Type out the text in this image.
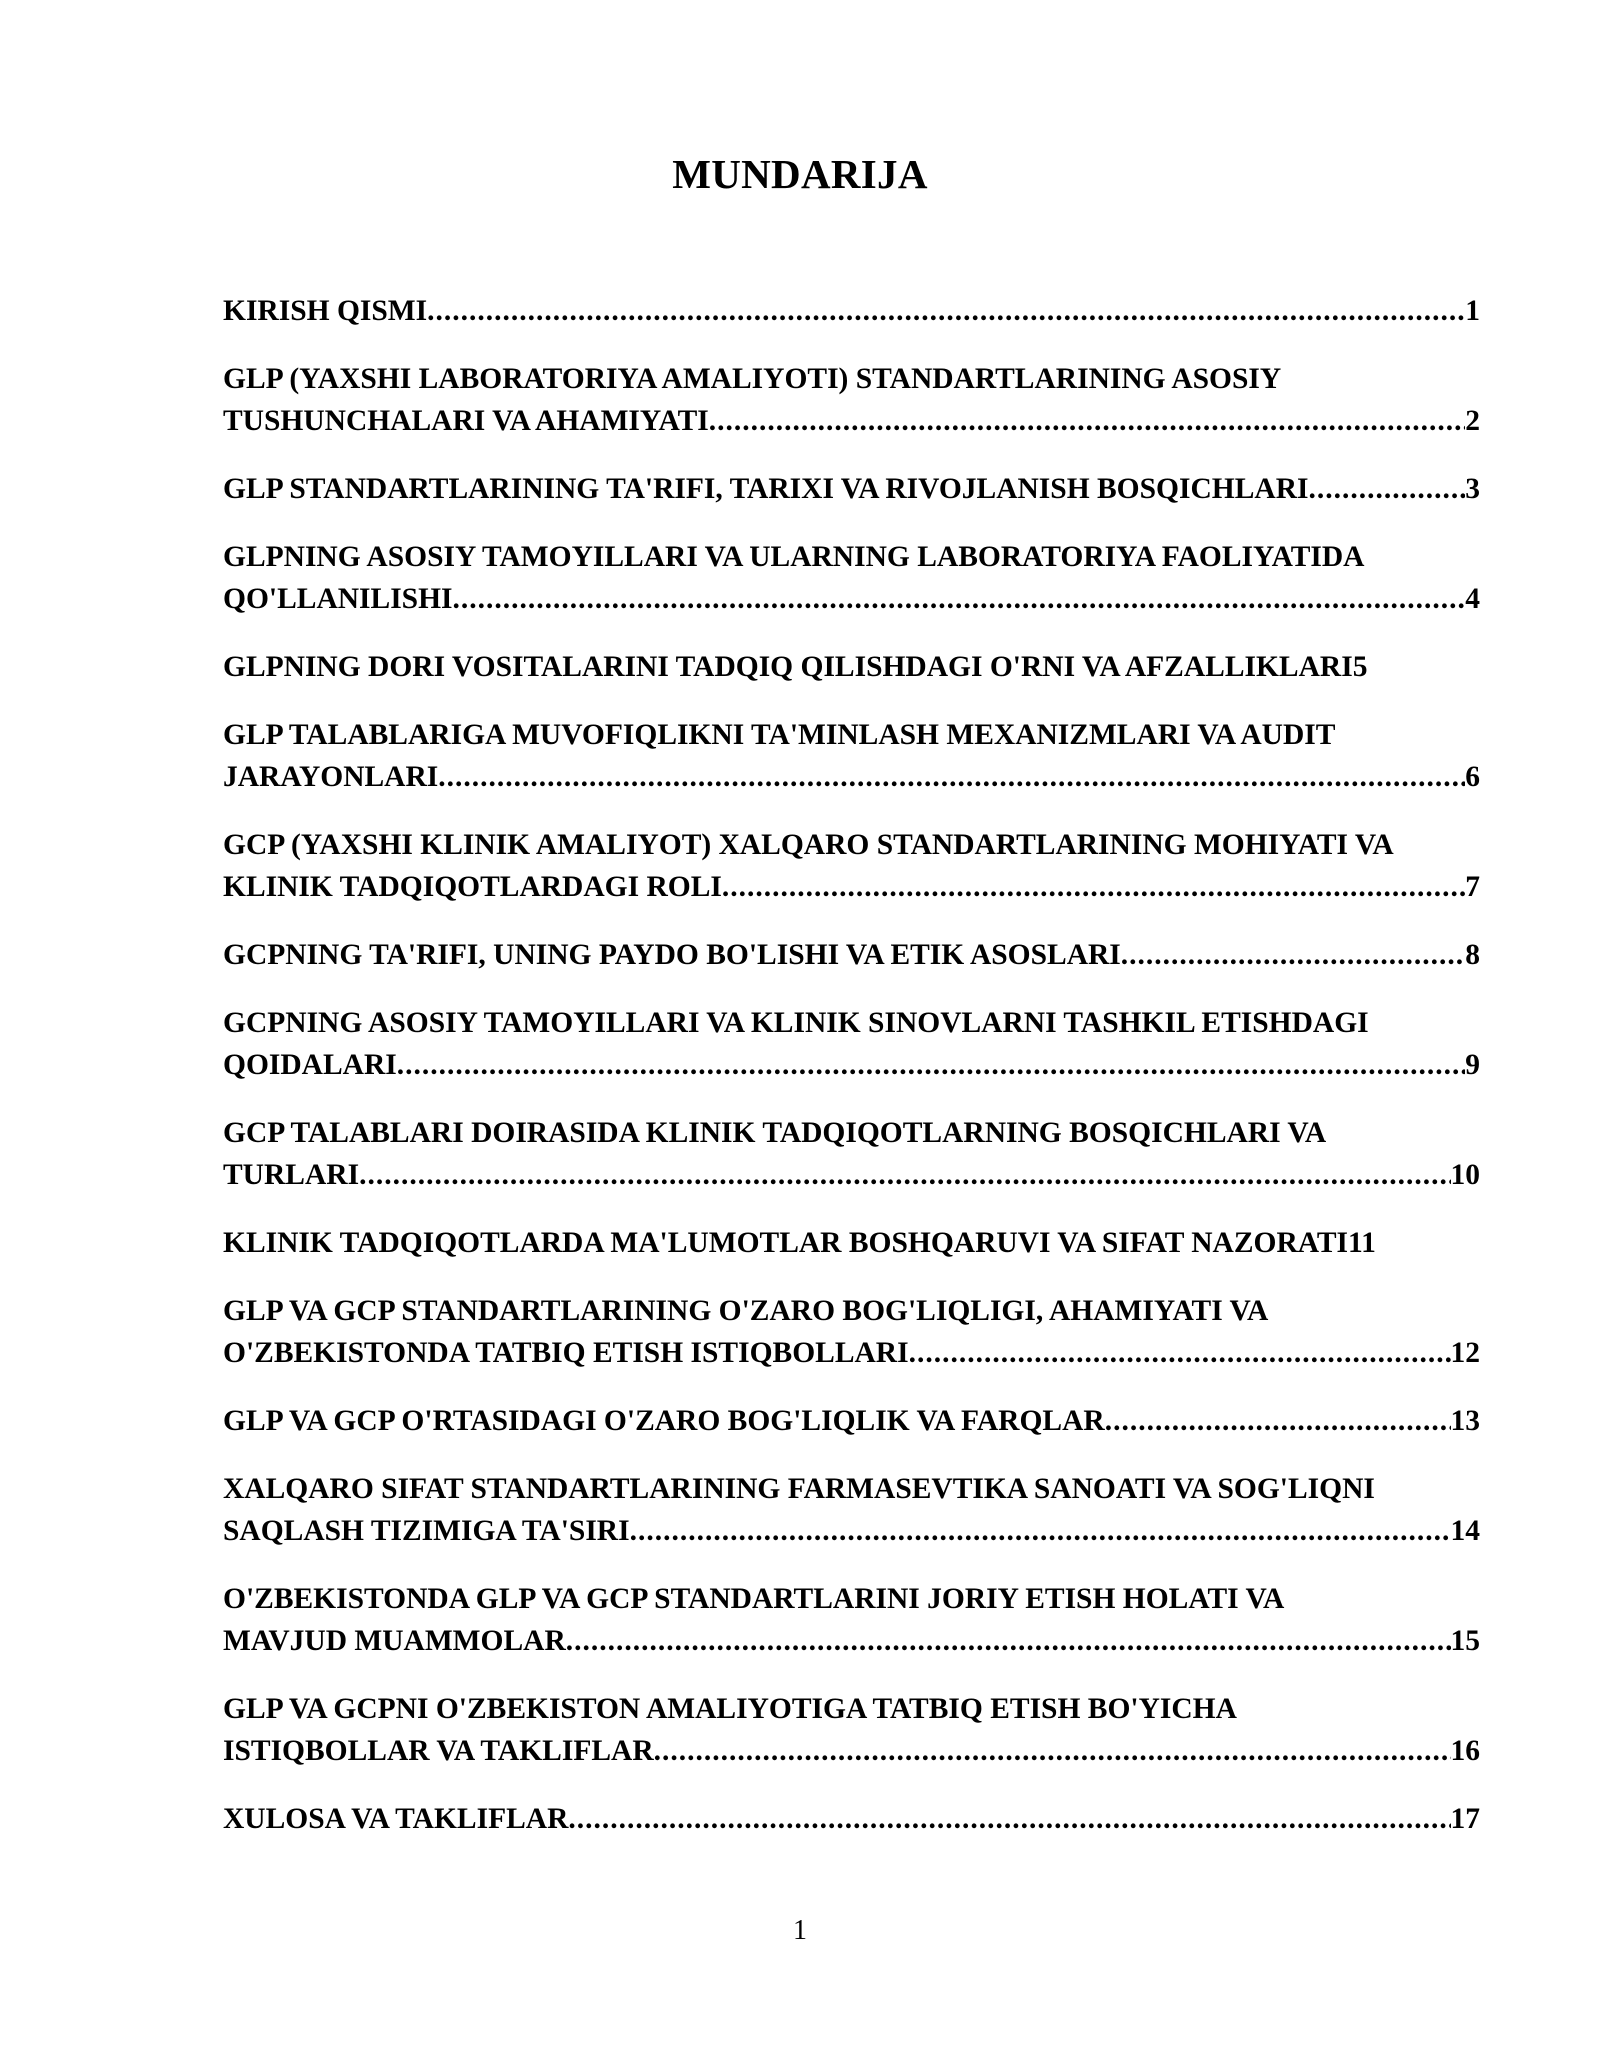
MUNDARIJA
KIRISH QISMI .....	1
GLP (YAXSHI LABORATORIYA AMALIYOTI) STANDARTLARINING ASOSIY
TUSHUNCHALARI VA AHAMIYATI .....	2
GLP STANDARTLARINING TA'RIFI, TARIXI VA RIVOJLANISH BOSQICHLARI .....	3
GLPNING ASOSIY TAMOYILLARI VA ULARNING LABORATORIYA FAOLIYATIDA
QO'LLANILISHI .....	4
GLPNING DORI VOSITALARINI TADQIQ QILISHDAGI O'RNI VA AFZALLIKLARI 5
GLP TALABLARIGA MUVOFIQLIKNI TA'MINLASH MEXANIZMLARI VA AUDIT
JARAYONLARI .....	6
GCP (YAXSHI KLINIK AMALIYOT) XALQARO STANDARTLARINING MOHIYATI VA
KLINIK TADQIQOTLARDAGI ROLI .....	7
GCPNING TA'RIFI, UNING PAYDO BO'LISHI VA ETIK ASOSLARI .....	8
GCPNING ASOSIY TAMOYILLARI VA KLINIK SINOVLARNI TASHKIL ETISHDAGI
QOIDALARI .....	9
GCP TALABLARI DOIRASIDA KLINIK TADQIQOTLARNING BOSQICHLARI VA
TURLARI .....	10
KLINIK TADQIQOTLARDA MA'LUMOTLAR BOSHQARUVI VA SIFAT NAZORATI 11
GLP VA GCP STANDARTLARINING O'ZARO BOG'LIQLIGI, AHAMIYATI VA
O'ZBEKISTONDA TATBIQ ETISH ISTIQBOLLARI .....	12
GLP VA GCP O'RTASIDAGI O'ZARO BOG'LIQLIK VA FARQLAR .....	13
XALQARO SIFAT STANDARTLARINING FARMASEVTIKA SANOATI VA SOG'LIQNI
SAQLASH TIZIMIGA TA'SIRI .....	14
O'ZBEKISTONDA GLP VA GCP STANDARTLARINI JORIY ETISH HOLATI VA
MAVJUD MUAMMOLAR .....	15
GLP VA GCPNI O'ZBEKISTON AMALIYOTIGA TATBIQ ETISH BO'YICHA
ISTIQBOLLAR VA TAKLIFLAR .....	16
XULOSA VA TAKLIFLAR .....	17
1
